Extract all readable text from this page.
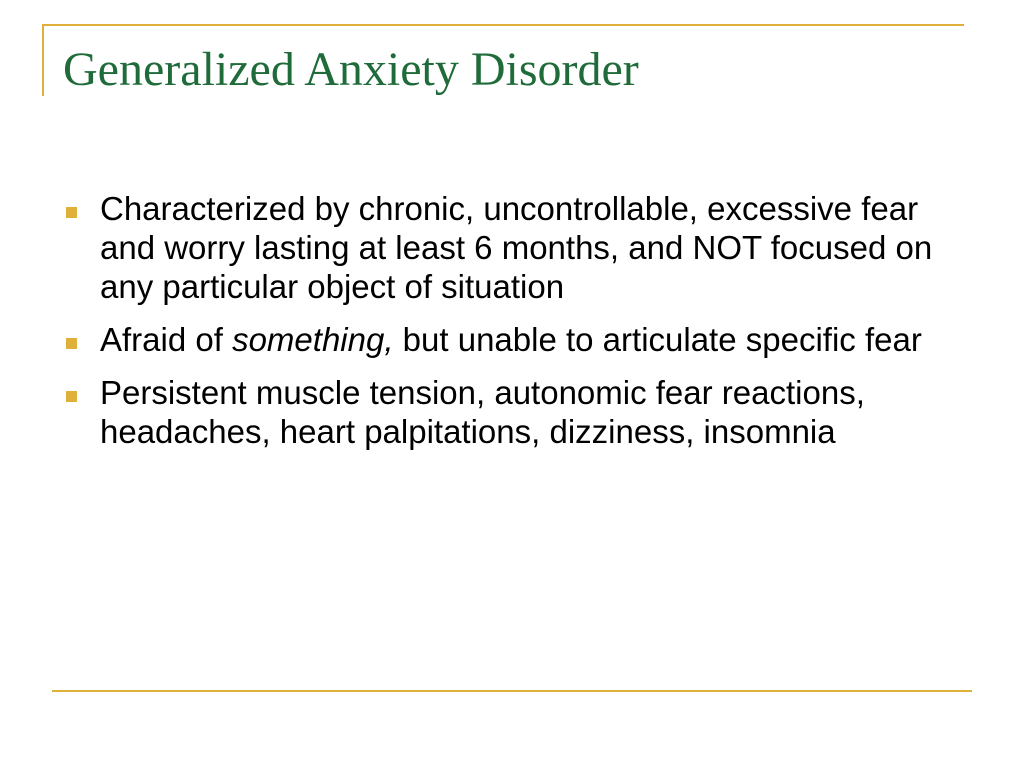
Generalized Anxiety Disorder
Characterized by chronic, uncontrollable, excessive fear and worry lasting at least 6 months, and NOT focused on any particular object of situation
Afraid of something, but unable to articulate specific fear
Persistent muscle tension, autonomic fear reactions, headaches, heart palpitations, dizziness, insomnia
